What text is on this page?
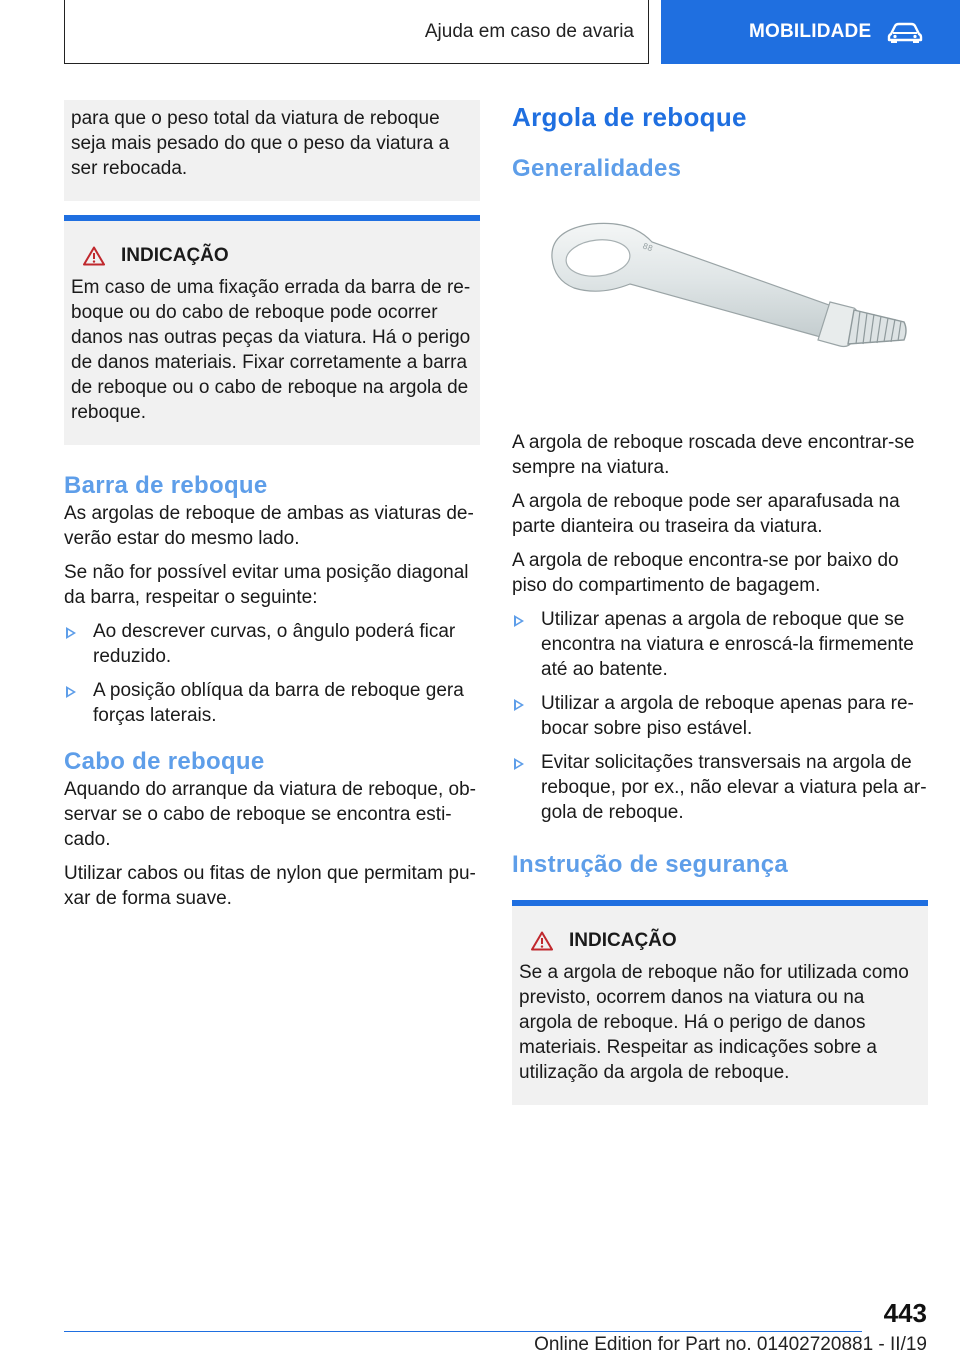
Ajuda em caso de avaria	MOBILIDADE

para que o peso total da viatura de reboque seja mais pesado do que o peso da viatura a ser rebocada.

INDICAÇÃO

Em caso de uma fixação errada da barra de reboque ou do cabo de reboque pode ocorrer danos nas outras peças da viatura. Há o perigo de danos materiais. Fixar corretamente a barra de reboque ou o cabo de reboque na argola de reboque.

Barra de reboque

As argolas de reboque de ambas as viaturas deverão estar do mesmo lado.

Se não for possível evitar uma posição diagonal da barra, respeitar o seguinte:

Ao descrever curvas, o ângulo poderá ficar reduzido.
A posição oblíqua da barra de reboque gera forças laterais.
Cabo de reboque

Aquando do arranque da viatura de reboque, observar se o cabo de reboque se encontra esticado.

Utilizar cabos ou fitas de nylon que permitam puxar de forma suave.

Argola de reboque
Generalidades
88

A argola de reboque roscada deve encontrar-se sempre na viatura.

A argola de reboque pode ser aparafusada na parte dianteira ou traseira da viatura.

A argola de reboque encontra-se por baixo do piso do compartimento de bagagem.

Utilizar apenas a argola de reboque que se encontra na viatura e enroscá-la firmemente até ao batente.
Utilizar a argola de reboque apenas para rebocar sobre piso estável.
Evitar solicitações transversais na argola de reboque, por ex., não elevar a viatura pela argola de reboque.
Instrução de segurança
INDICAÇÃO

Se a argola de reboque não for utilizada como previsto, ocorrem danos na viatura ou na argola de reboque. Há o perigo de danos materiais. Respeitar as indicações sobre a utilização da argola de reboque.

443
Online Edition for Part no. 01402720881 - II/19
